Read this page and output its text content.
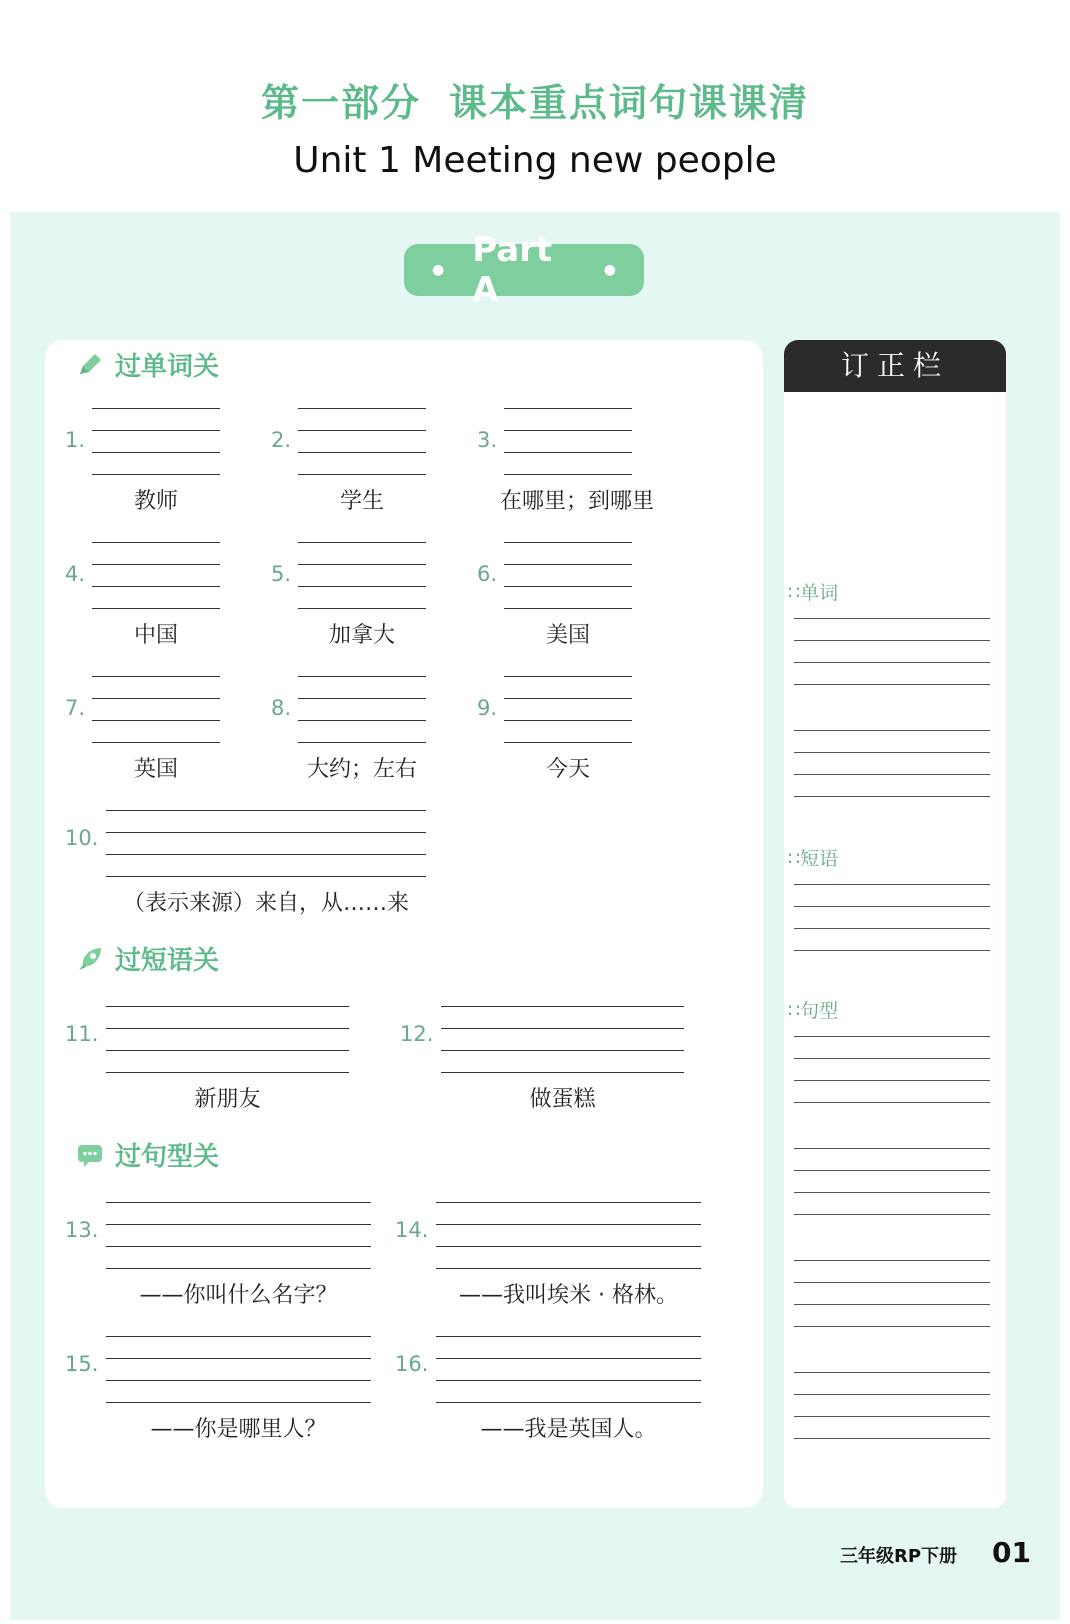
第一部分 课本重点词句课课清
Unit 1 Meeting new people
● Part A	●
过单词关
1.
教师
2.
学生
3.
在哪里；到哪里
4.
中国
5.
加拿大
6.
美国
7.
英国
8.
大约；左右
9.
今天
10.
（表示来源）来自，从……来
过短语关
11.
新朋友
12.
做蛋糕
过句型关
13.
——你叫什么名字？
14.
——我叫埃米 · 格林。
15.
——你是哪里人？
16.
——我是英国人。
订正栏
∷单词
∷短语
∷句型
三年级RP下册 01
